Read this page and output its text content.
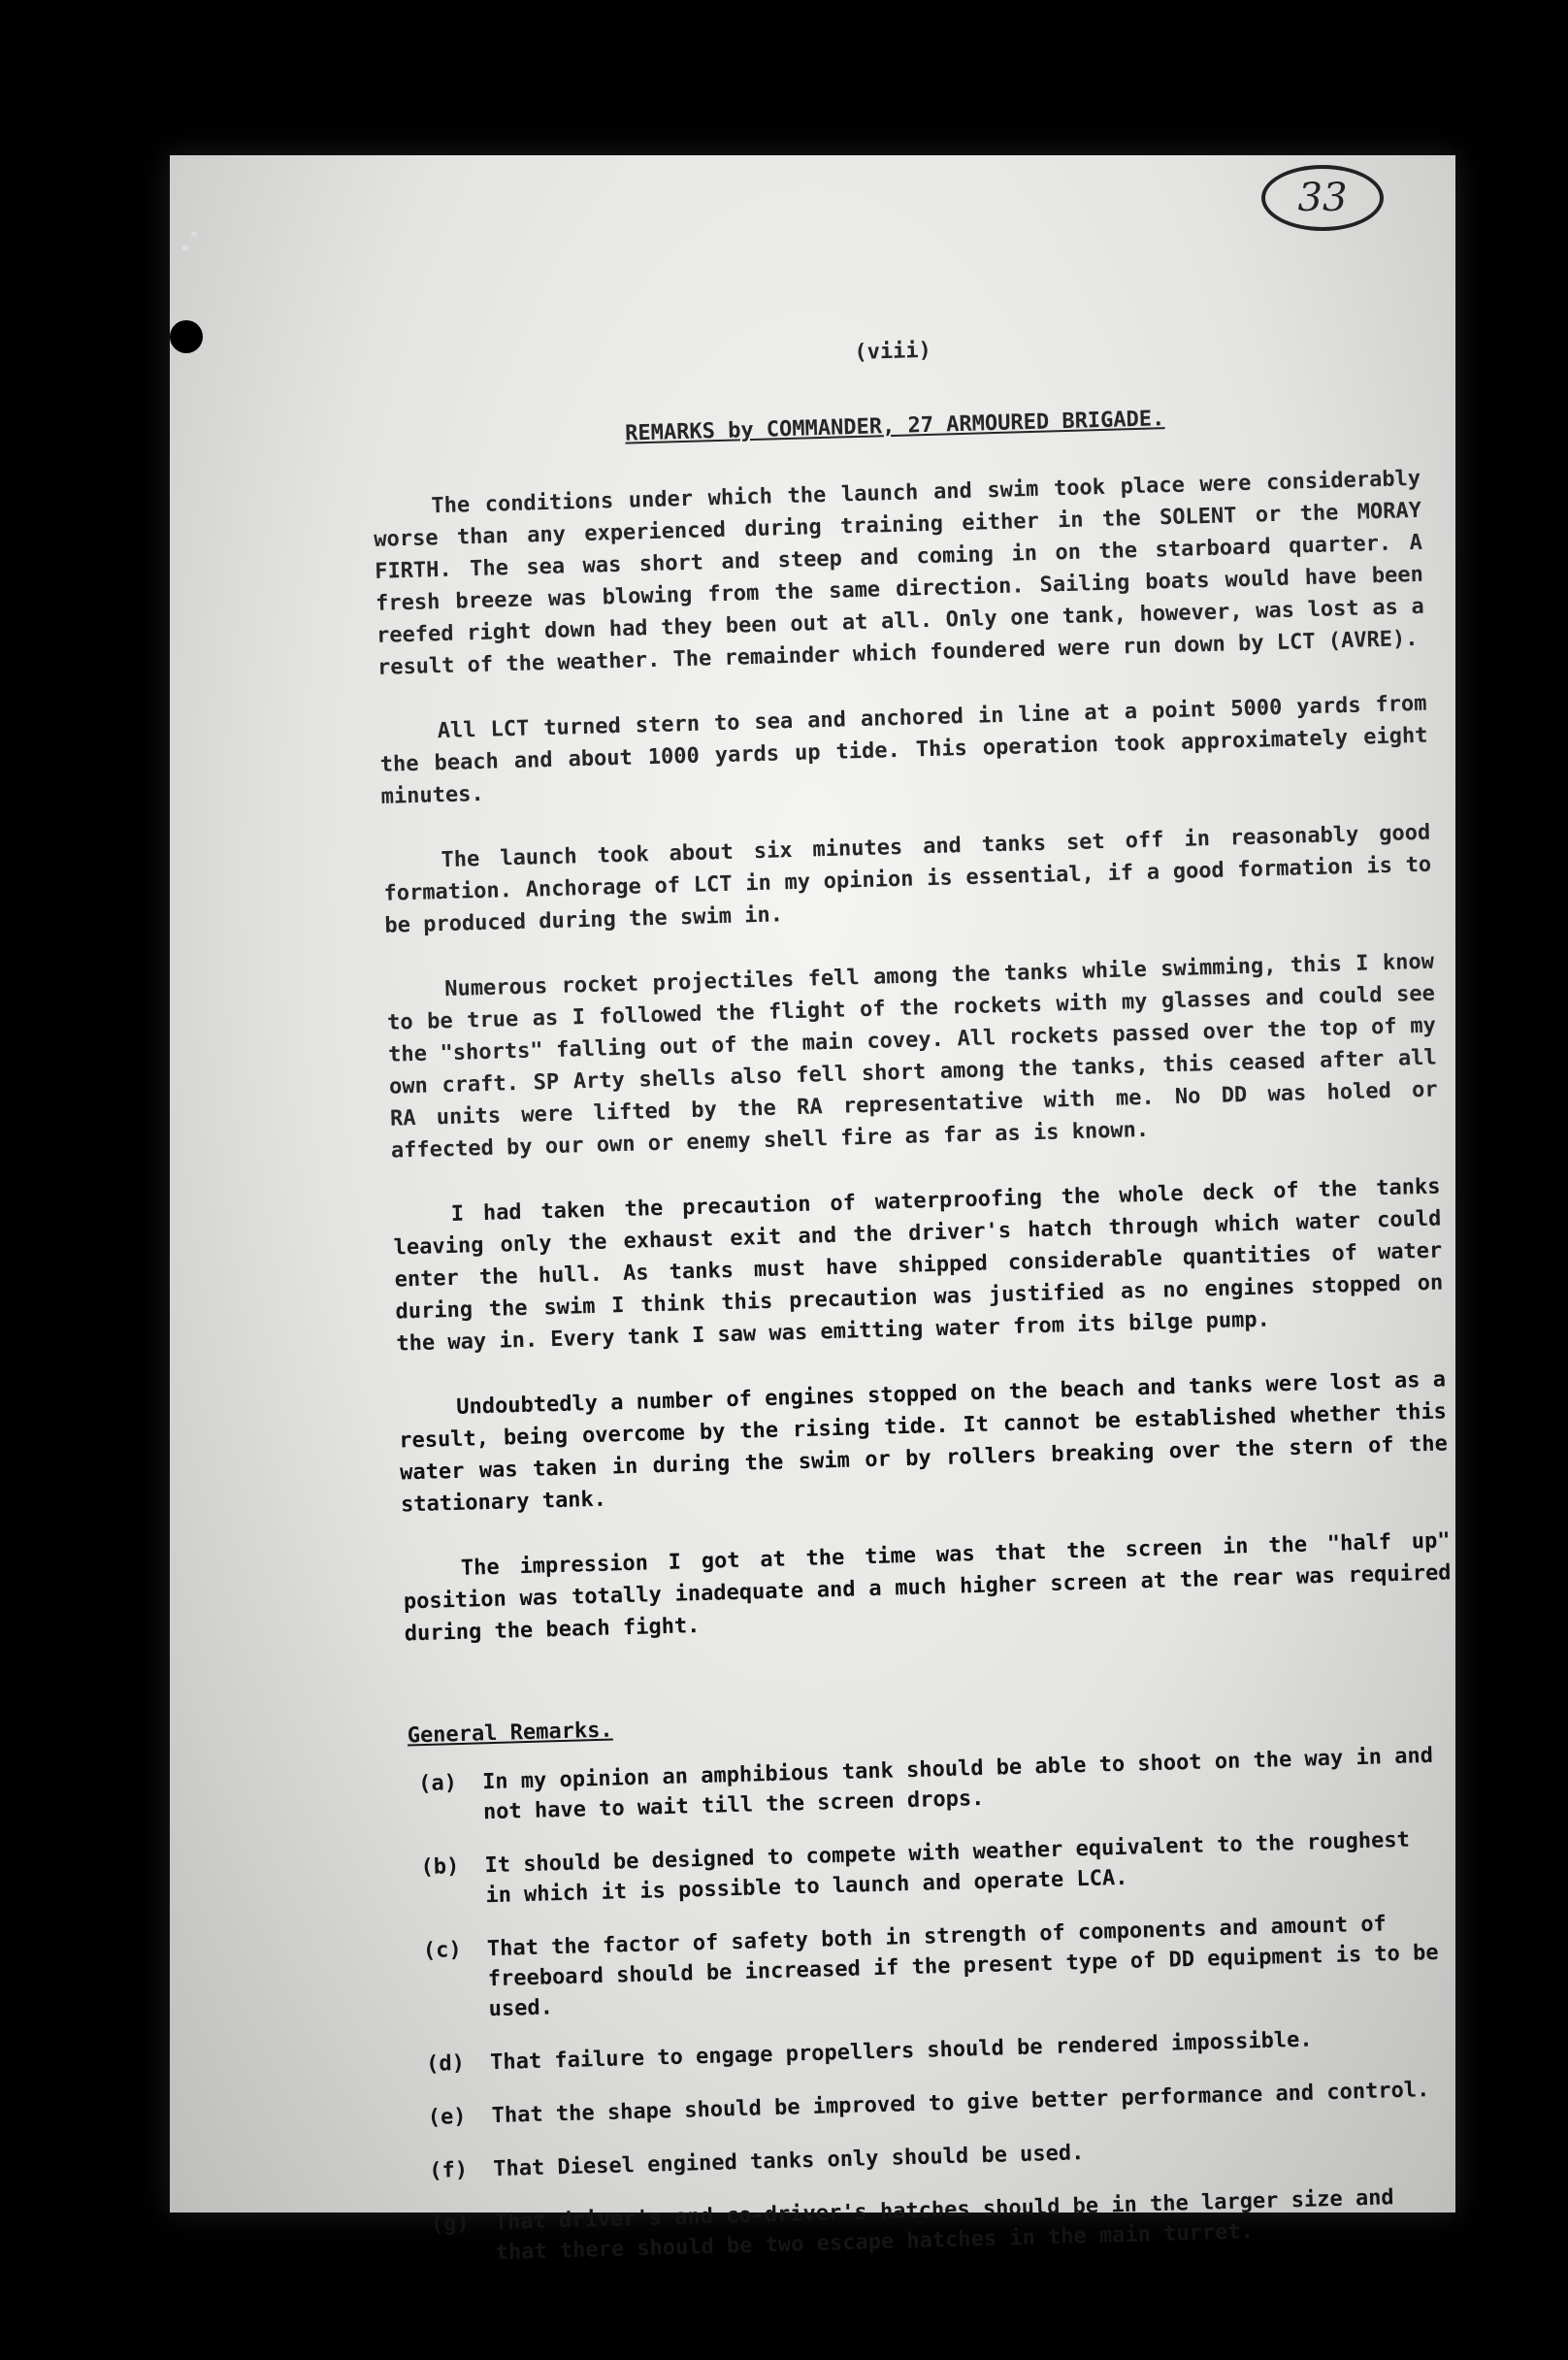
33
(viii)
REMARKS by COMMANDER, 27 ARMOURED BRIGADE.

The conditions under which the launch and swim took place were considerably worse than any experienced during training either in the SOLENT or the MORAY FIRTH. The sea was short and steep and coming in on the starboard quarter. A fresh breeze was blowing from the same direction. Sailing boats would have been reefed right down had they been out at all. Only one tank, however, was lost as a result of the weather. The remainder which foundered were run down by LCT (AVRE).

All LCT turned stern to sea and anchored in line at a point 5000 yards from the beach and about 1000 yards up tide. This operation took approximately eight minutes.

The launch took about six minutes and tanks set off in reasonably good formation. Anchorage of LCT in my opinion is essential, if a good formation is to be produced during the swim in.

Numerous rocket projectiles fell among the tanks while swimming, this I know to be true as I followed the flight of the rockets with my glasses and could see the "shorts" falling out of the main covey. All rockets passed over the top of my own craft. SP Arty shells also fell short among the tanks, this ceased after all RA units were lifted by the RA representative with me. No DD was holed or affected by our own or enemy shell fire as far as is known.

I had taken the precaution of waterproofing the whole deck of the tanks leaving only the exhaust exit and the driver's hatch through which water could enter the hull. As tanks must have shipped considerable quantities of water during the swim I think this precaution was justified as no engines stopped on the way in. Every tank I saw was emitting water from its bilge pump.

Undoubtedly a number of engines stopped on the beach and tanks were lost as a result, being overcome by the rising tide. It cannot be established whether this water was taken in during the swim or by rollers breaking over the stern of the stationary tank.

The impression I got at the time was that the screen in the "half up" position was totally inadequate and a much higher screen at the rear was required during the beach fight.

General Remarks.
(a)	In my opinion an amphibious tank should be able to shoot on the way in and not have to wait till the screen drops.
(b)	It should be designed to compete with weather equivalent to the roughest in which it is possible to launch and operate LCA.
(c)	That the factor of safety both in strength of components and amount of freeboard should be increased if the present type of DD equipment is to be used.
(d)	That failure to engage propellers should be rendered impossible.
(e)	That the shape should be improved to give better performance and control.
(f)	That Diesel engined tanks only should be used.
(g)	That driver's and co-driver's hatches should be in the larger size and that there should be two escape hatches in the main turret.
